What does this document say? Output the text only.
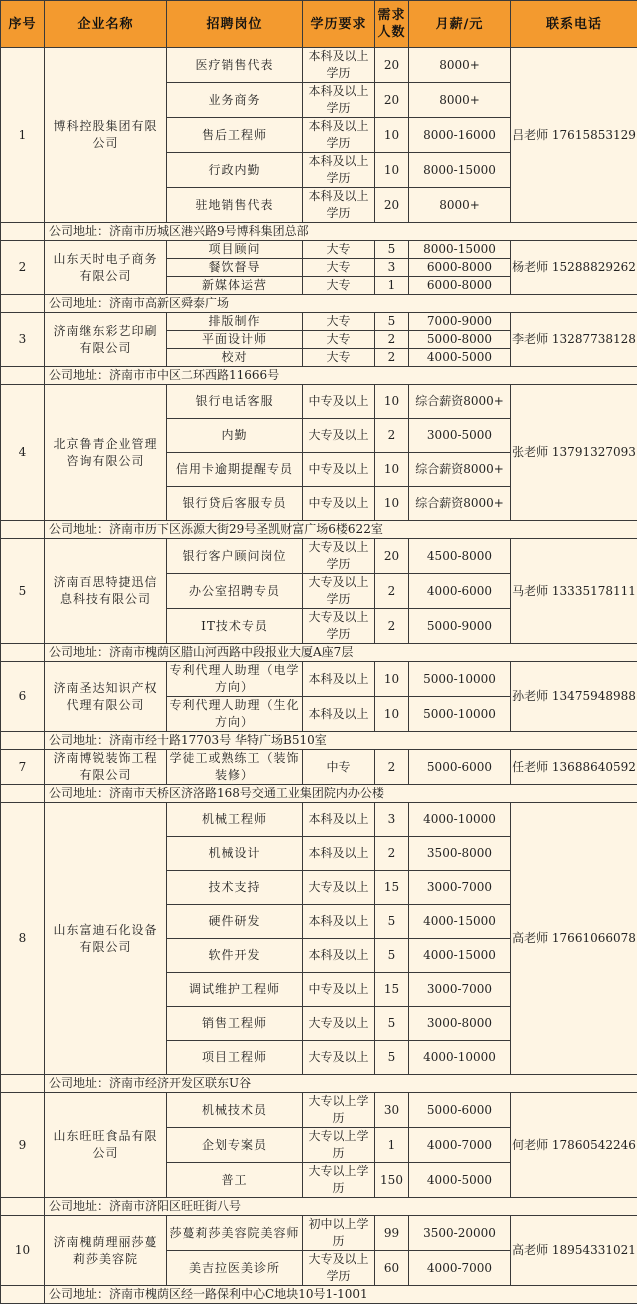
序号	企业名称	招聘岗位	学历要求	需求人数	月薪/元	联系电话
1	博科控股集团有限公司	医疗销售代表	本科及以上学历	20	8000+	吕老师 17615853129
		业务商务	本科及以上学历	20	8000+	
		售后工程师	本科及以上学历	10	8000-16000	
		行政内勤	本科及以上学历	10	8000-15000	
		驻地销售代表	本科及以上学历	20	8000+	
	公司地址：济南市历城区港兴路9号博科集团总部					
2	山东天时电子商务有限公司	项目顾问	大专	5	8000-15000	杨老师 15288829262
		餐饮督导	大专	3	6000-8000	
		新媒体运营	大专	1	6000-8000	
	公司地址：济南市高新区舜泰广场					
3	济南继东彩艺印刷有限公司	排版制作	大专	5	7000-9000	李老师 13287738128
		平面设计师	大专	2	5000-8000	
		校对	大专	2	4000-5000	
	公司地址：济南市市中区二环西路11666号					
4	北京鲁青企业管理咨询有限公司	银行电话客服	中专及以上	10	综合薪资8000+	张老师 13791327093
		内勤	大专及以上	2	3000-5000	
		信用卡逾期提醒专员	中专及以上	10	综合薪资8000+	
		银行贷后客服专员	中专及以上	10	综合薪资8000+	
	公司地址：济南市历下区泺源大街29号圣凯财富广场6楼622室					
5	济南百思特捷迅信息科技有限公司	银行客户顾问岗位	大专及以上学历	20	4500-8000	马老师 13335178111
		办公室招聘专员	大专及以上学历	2	4000-6000	
		IT技术专员	大专及以上学历	2	5000-9000	
	公司地址：济南市槐荫区腊山河西路中段报业大厦A座7层					
6	济南圣达知识产权代理有限公司	专利代理人助理（电学方向）	本科及以上	10	5000-10000	孙老师 13475948988
		专利代理人助理（生化方向）	本科及以上	10	5000-10000	
	公司地址：济南市经十路17703号 华特广场B510室					
7	济南博锐装饰工程有限公司	学徒工或熟练工（装饰装修）	中专	2	5000-6000	任老师 13688640592
	公司地址：济南市天桥区济洛路168号交通工业集团院内办公楼					
8	山东富迪石化设备有限公司	机械工程师	本科及以上	3	4000-10000	高老师 17661066078
		机械设计	本科及以上	2	3500-8000	
		技术支持	大专及以上	15	3000-7000	
		硬件研发	本科及以上	5	4000-15000	
		软件开发	本科及以上	5	4000-15000	
		调试维护工程师	中专及以上	15	3000-7000	
		销售工程师	大专及以上	5	3000-8000	
		项目工程师	大专及以上	5	4000-10000	
	公司地址：济南市经济开发区联东U谷					
9	山东旺旺食品有限公司	机械技术员	大专以上学历	30	5000-6000	何老师 17860542246
		企划专案员	大专以上学历	1	4000-7000	
		普工	大专以上学历	150	4000-5000	
	公司地址：济南市济阳区旺旺街八号					
10	济南槐荫理丽莎蔓莉莎美容院	莎蔓莉莎美容院美容师	初中以上学历	99	3500-20000	高老师 18954331021
		美吉拉医美诊所	大专及以上学历	60	4000-7000	
	公司地址：济南市槐荫区经一路保利中心C地块10号1-1001					
